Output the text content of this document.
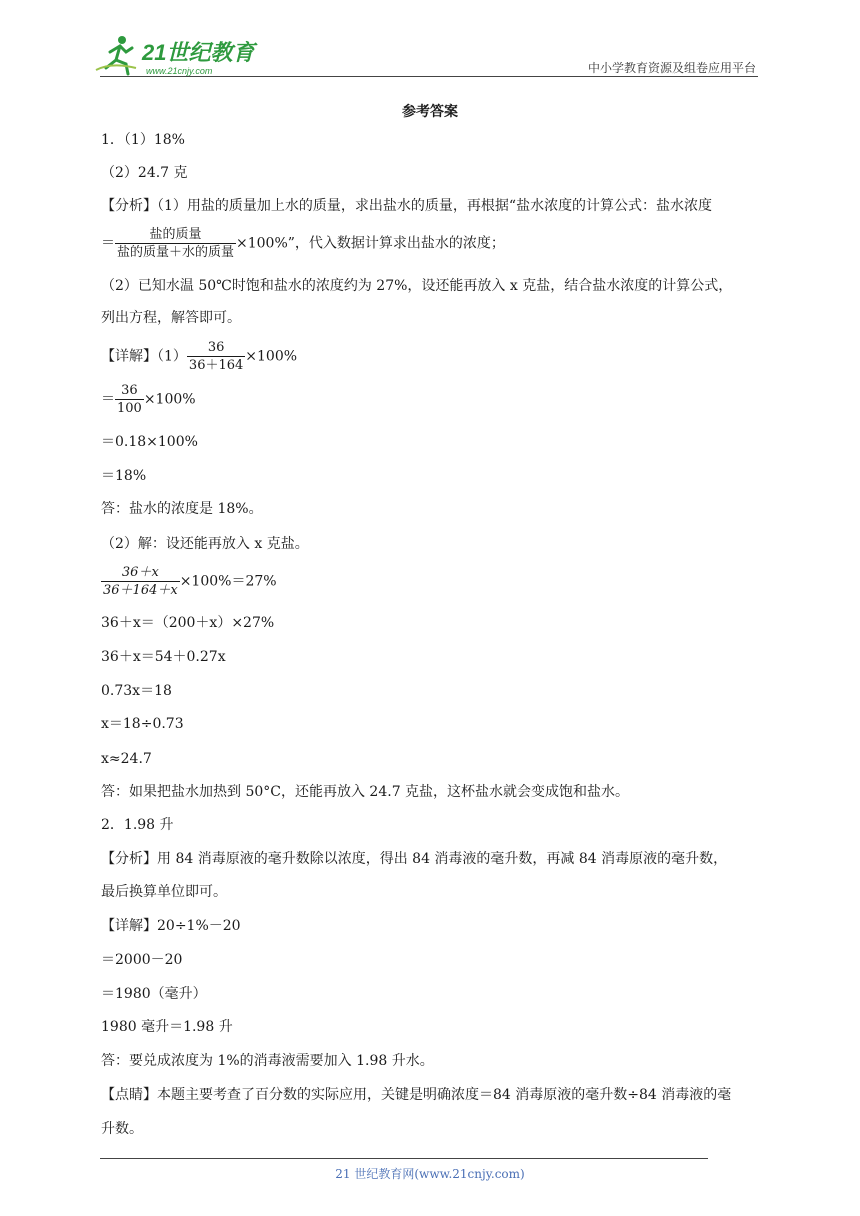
21世纪教育
www.21cnjy.com	中小学教育资源及组卷应用平台
参考答案
1．（1）18%
（2）24.7 克
【分析】（1）用盐的质量加上水的质量，求出盐水的质量，再根据“盐水浓度的计算公式：盐水浓度
＝ $\frac{\text{盐的质量}}{\text{盐的质量＋水的质量}} \times 100\%$”，代入数据计算求出盐水的浓度；
（2）已知水温 50℃时饱和盐水的浓度约为 27%，设还能再放入 x 克盐，结合盐水浓度的计算公式，
列出方程，解答即可。
【详解】$(1) \frac{36}{36+164} \times 100\%$
＝ $\frac{36}{100} \times 100\%$
＝0.18×100%
＝18%
答：盐水的浓度是 18%。
（2）解：设还能再放入 x 克盐。
$\frac{36+x}{36+164+x} \times 100\%=27\%$
36＋x＝（200＋x）×27%
36＋x＝54＋0.27x
0.73x＝18
x＝18÷0.73
x≈24.7
答：如果把盐水加热到 50°C，还能再放入 24.7 克盐，这杯盐水就会变成饱和盐水。
2．1.98 升
【分析】用 84 消毒原液的毫升数除以浓度，得出 84 消毒液的毫升数，再减 84 消毒原液的毫升数，
最后换算单位即可。
【详解】20÷1%－20
＝2000－20
＝1980（毫升）
1980 毫升＝1.98 升
答：要兑成浓度为 1%的消毒液需要加入 1.98 升水。
【点睛】本题主要考查了百分数的实际应用，关键是明确浓度＝84 消毒原液的毫升数÷84 消毒液的毫
升数。
21 世纪教育网(www.21cnjy.com)
